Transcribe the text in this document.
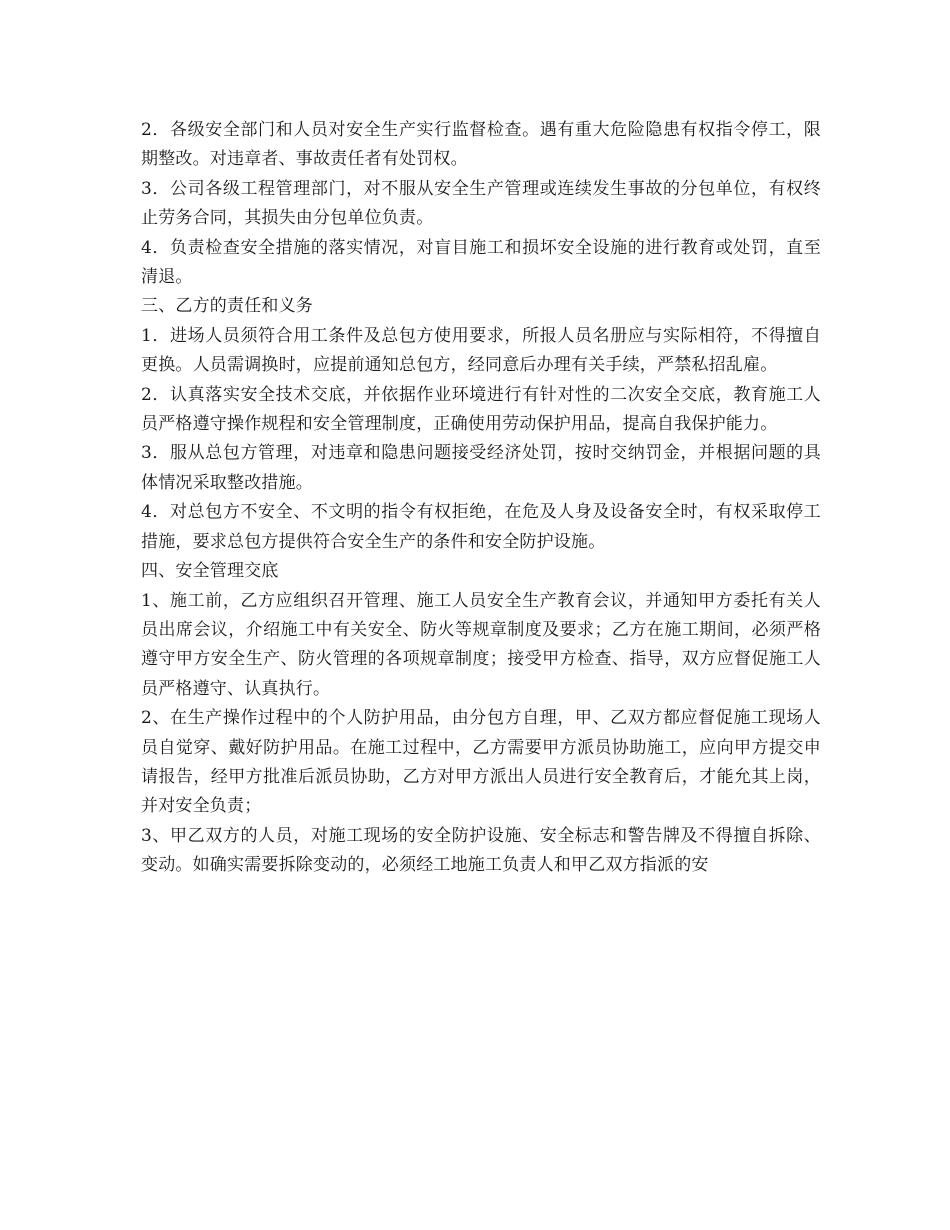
2．各级安全部门和人员对安全生产实行监督检查。遇有重大危险隐患有权指令停工，限期整改。对违章者、事故责任者有处罚权。

3．公司各级工程管理部门，对不服从安全生产管理或连续发生事故的分包单位，有权终止劳务合同，其损失由分包单位负责。

4．负责检查安全措施的落实情况，对盲目施工和损坏安全设施的进行教育或处罚，直至清退。

三、乙方的责任和义务

1．进场人员须符合用工条件及总包方使用要求，所报人员名册应与实际相符，不得擅自更换。人员需调换时，应提前通知总包方，经同意后办理有关手续，严禁私招乱雇。

2．认真落实安全技术交底，并依据作业环境进行有针对性的二次安全交底，教育施工人员严格遵守操作规程和安全管理制度，正确使用劳动保护用品，提高自我保护能力。

3．服从总包方管理，对违章和隐患问题接受经济处罚，按时交纳罚金，并根据问题的具体情况采取整改措施。

4．对总包方不安全、不文明的指令有权拒绝，在危及人身及设备安全时，有权采取停工措施，要求总包方提供符合安全生产的条件和安全防护设施。

四、安全管理交底

1、施工前，乙方应组织召开管理、施工人员安全生产教育会议，并通知甲方委托有关人员出席会议，介绍施工中有关安全、防火等规章制度及要求；乙方在施工期间，必须严格遵守甲方安全生产、防火管理的各项规章制度；接受甲方检查、指导，双方应督促施工人员严格遵守、认真执行。

2、在生产操作过程中的个人防护用品，由分包方自理，甲、乙双方都应督促施工现场人员自觉穿、戴好防护用品。在施工过程中，乙方需要甲方派员协助施工，应向甲方提交申请报告，经甲方批准后派员协助，乙方对甲方派出人员进行安全教育后，才能允其上岗，并对安全负责；

3、甲乙双方的人员，对施工现场的安全防护设施、安全标志和警告牌及不得擅自拆除、变动。如确实需要拆除变动的，必须经工地施工负责人和甲乙双方指派的安
